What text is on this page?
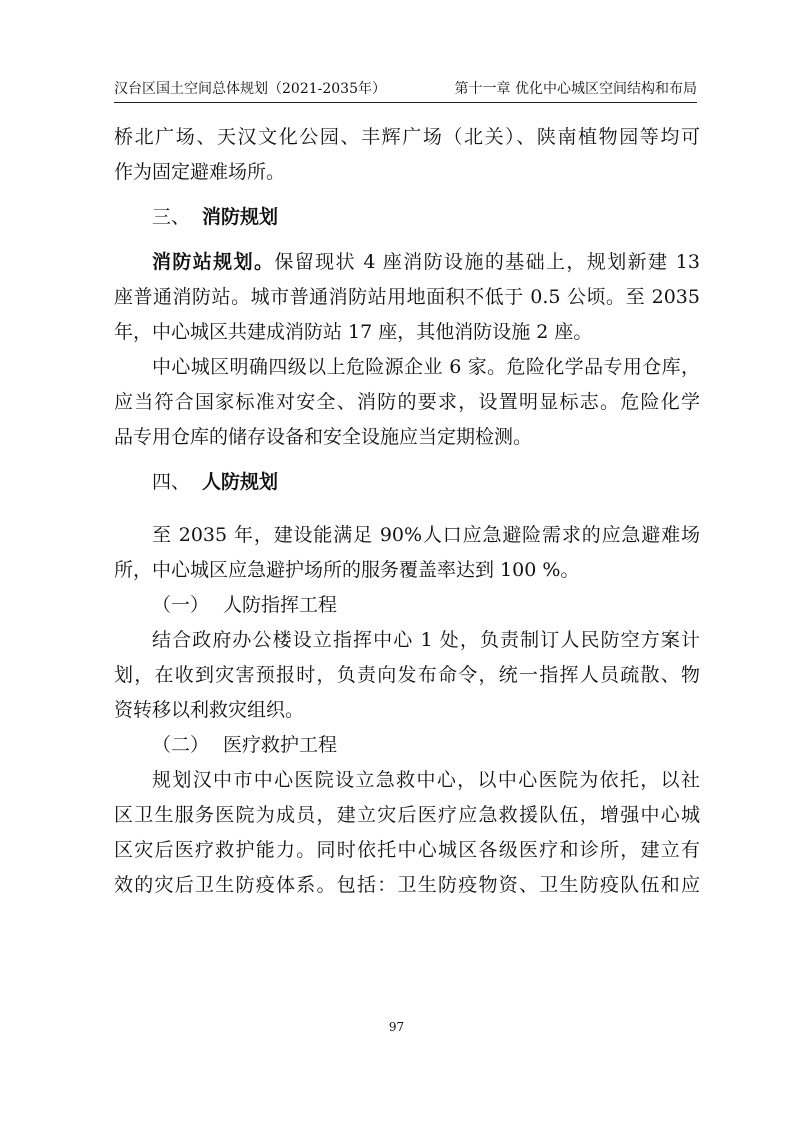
汉台区国土空间总体规划（2021-2035年）	第十一章 优化中心城区空间结构和布局

桥北广场、天汉文化公园、丰辉广场（北关）、陕南植物园等均可

作为固定避难场所。

三、 消防规划

消防站规划。保留现状 4 座消防设施的基础上，规划新建 13

座普通消防站。城市普通消防站用地面积不低于 0.5 公顷。至 2035

年，中心城区共建成消防站 17 座，其他消防设施 2 座。

中心城区明确四级以上危险源企业 6 家。危险化学品专用仓库，

应当符合国家标准对安全、消防的要求，设置明显标志。危险化学

品专用仓库的储存设备和安全设施应当定期检测。

四、 人防规划

至 2035 年，建设能满足 90%人口应急避险需求的应急避难场

所，中心城区应急避护场所的服务覆盖率达到 100 %。

（一） 人防指挥工程

结合政府办公楼设立指挥中心 1 处，负责制订人民防空方案计

划，在收到灾害预报时，负责向发布命令，统一指挥人员疏散、物

资转移以利救灾组织。

（二） 医疗救护工程

规划汉中市中心医院设立急救中心，以中心医院为依托，以社

区卫生服务医院为成员，建立灾后医疗应急救援队伍，增强中心城

区灾后医疗救护能力。同时依托中心城区各级医疗和诊所，建立有

效的灾后卫生防疫体系。包括：卫生防疫物资、卫生防疫队伍和应

97
